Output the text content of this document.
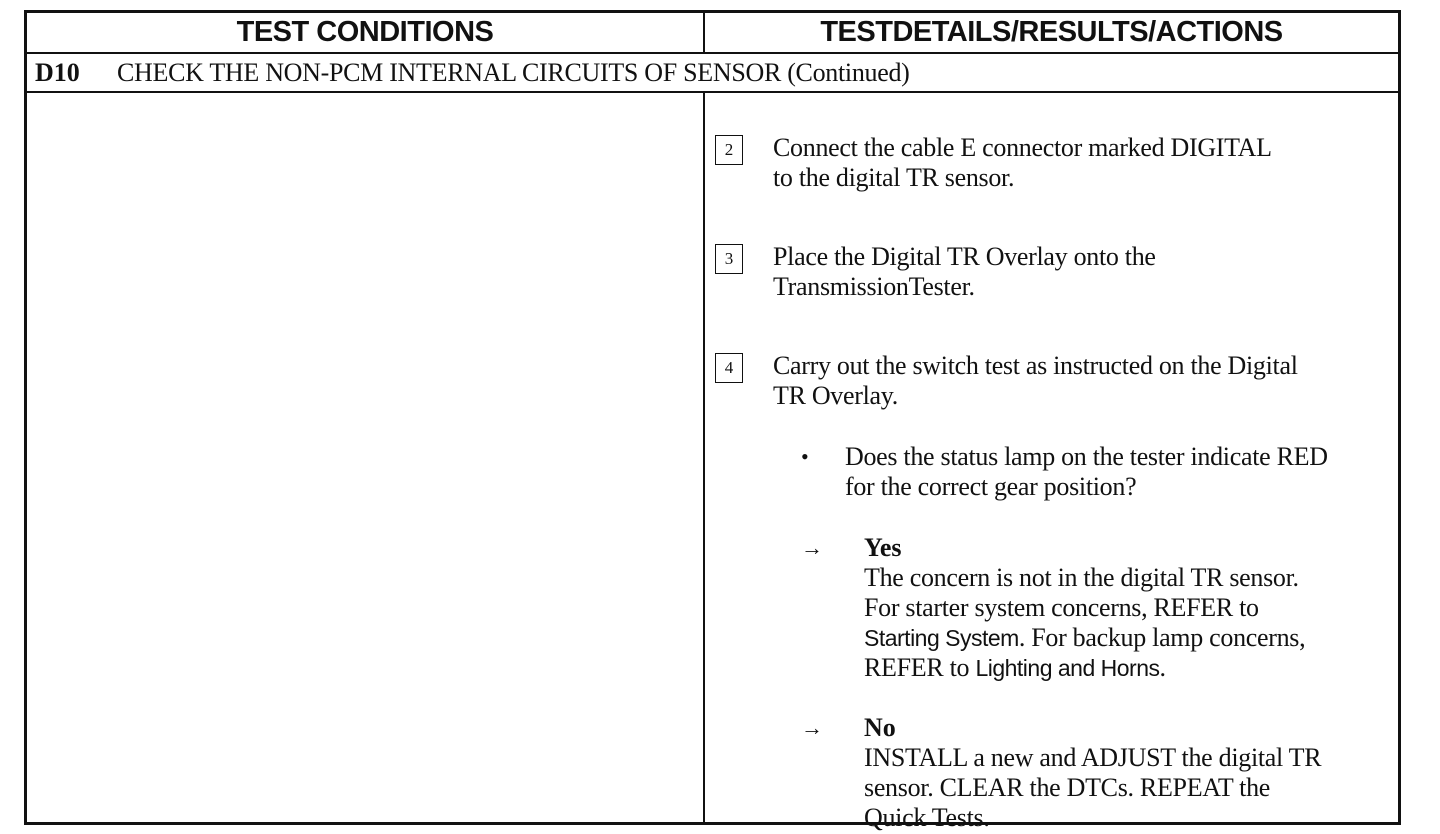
TEST CONDITIONS	TESTDETAILS/RESULTS/ACTIONS
D10	CHECK THE NON-PCM INTERNAL CIRCUITS OF SENSOR (Continued)
2	Connect the cable E connector marked DIGITAL
to the digital TR sensor.
3	Place the Digital TR Overlay onto the
TransmissionTester.
4	Carry out the switch test as instructed on the Digital
TR Overlay.
• Does the status lamp on the tester indicate RED
for the correct gear position?
→ Yes
The concern is not in the digital TR sensor.
For starter system concerns, REFER to
Starting System. For backup lamp concerns,
REFER to Lighting and Horns.
→ No
INSTALL a new and ADJUST the digital TR
sensor. CLEAR the DTCs. REPEAT the
Quick Tests.
